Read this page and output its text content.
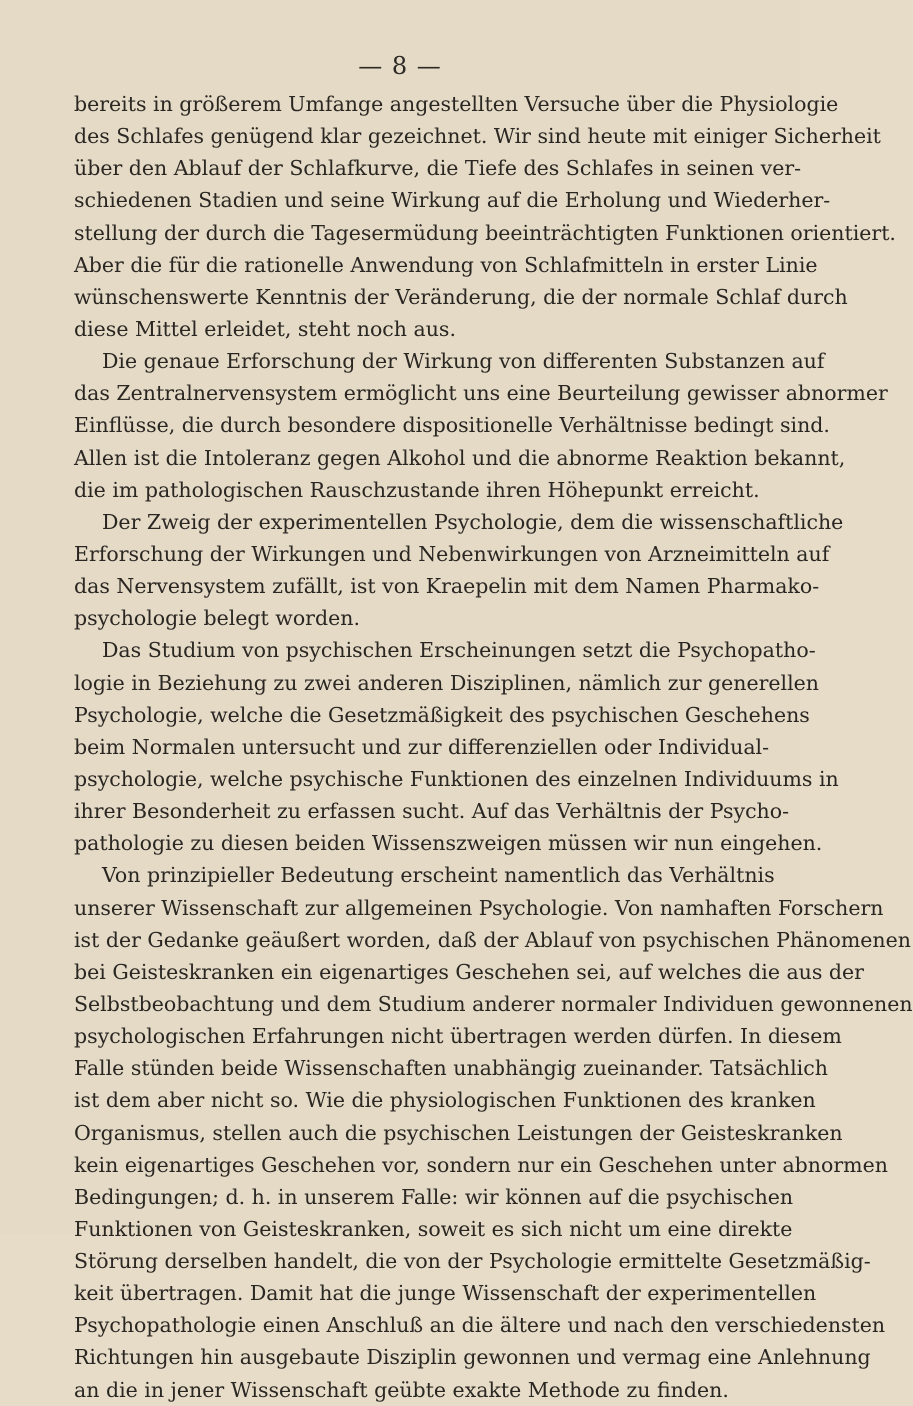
— 8 —
bereits in größerem Umfange angestellten Versuche über die Physiologie
des Schlafes genügend klar gezeichnet. Wir sind heute mit einiger Sicherheit
über den Ablauf der Schlafkurve, die Tiefe des Schlafes in seinen ver-
schiedenen Stadien und seine Wirkung auf die Erholung und Wiederher-
stellung der durch die Tagesermüdung beeinträchtigten Funktionen orientiert.
Aber die für die rationelle Anwendung von Schlafmitteln in erster Linie
wünschenswerte Kenntnis der Veränderung, die der normale Schlaf durch
diese Mittel erleidet, steht noch aus.
Die genaue Erforschung der Wirkung von differenten Substanzen auf
das Zentralnervensystem ermöglicht uns eine Beurteilung gewisser abnormer
Einflüsse, die durch besondere dispositionelle Verhältnisse bedingt sind.
Allen ist die Intoleranz gegen Alkohol und die abnorme Reaktion bekannt,
die im pathologischen Rauschzustande ihren Höhepunkt erreicht.
Der Zweig der experimentellen Psychologie, dem die wissenschaftliche
Erforschung der Wirkungen und Nebenwirkungen von Arzneimitteln auf
das Nervensystem zufällt, ist von Kraepelin mit dem Namen Pharmako-
psychologie belegt worden.
Das Studium von psychischen Erscheinungen setzt die Psychopatho-
logie in Beziehung zu zwei anderen Disziplinen, nämlich zur generellen
Psychologie, welche die Gesetzmäßigkeit des psychischen Geschehens
beim Normalen untersucht und zur differenziellen oder Individual-
psychologie, welche psychische Funktionen des einzelnen Individuums in
ihrer Besonderheit zu erfassen sucht. Auf das Verhältnis der Psycho-
pathologie zu diesen beiden Wissenszweigen müssen wir nun eingehen.
Von prinzipieller Bedeutung erscheint namentlich das Verhältnis
unserer Wissenschaft zur allgemeinen Psychologie. Von namhaften Forschern
ist der Gedanke geäußert worden, daß der Ablauf von psychischen Phänomenen
bei Geisteskranken ein eigenartiges Geschehen sei, auf welches die aus der
Selbstbeobachtung und dem Studium anderer normaler Individuen gewonnenen
psychologischen Erfahrungen nicht übertragen werden dürfen. In diesem
Falle stünden beide Wissenschaften unabhängig zueinander. Tatsächlich
ist dem aber nicht so. Wie die physiologischen Funktionen des kranken
Organismus, stellen auch die psychischen Leistungen der Geisteskranken
kein eigenartiges Geschehen vor, sondern nur ein Geschehen unter abnormen
Bedingungen; d. h. in unserem Falle: wir können auf die psychischen
Funktionen von Geisteskranken, soweit es sich nicht um eine direkte
Störung derselben handelt, die von der Psychologie ermittelte Gesetzmäßig-
keit übertragen. Damit hat die junge Wissenschaft der experimentellen
Psychopathologie einen Anschluß an die ältere und nach den verschiedensten
Richtungen hin ausgebaute Disziplin gewonnen und vermag eine Anlehnung
an die in jener Wissenschaft geübte exakte Methode zu finden.
